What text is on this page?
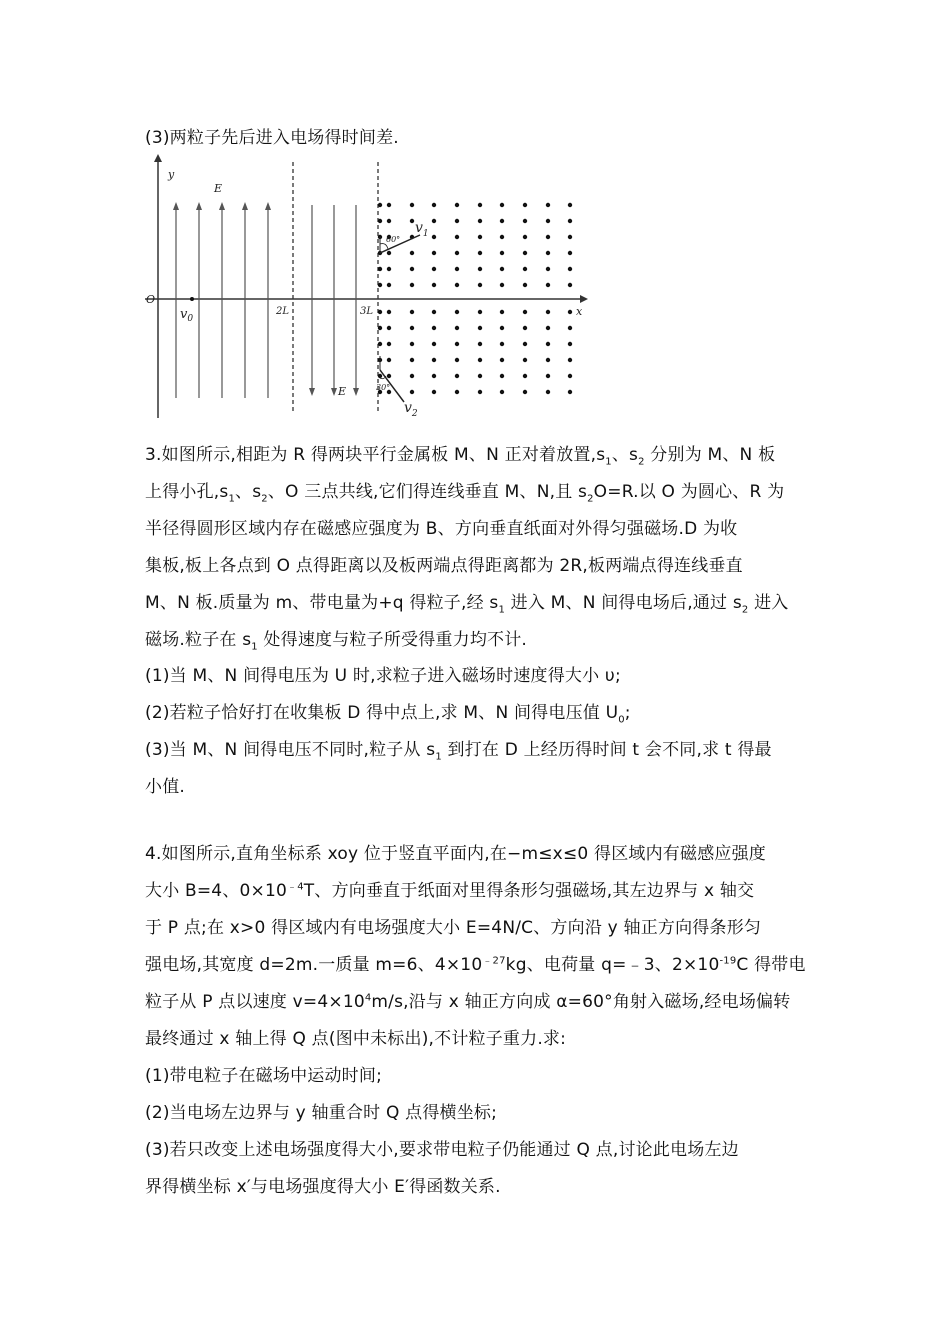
(3)两粒子先后进入电场得时间差.
y
x
O
E
2L	3L
E
$v_0$
60°
$v_1$
30°
$v_2$
3.如图所示,相距为 R 得两块平行金属板 M、N 正对着放置$,s_1$、$s_2$ 分别为 M、N 板
上得小孔$,s_1$、$s_2$、O 三点共线,它们得连线垂直 M、N,且 $s_2O=R$.以 O 为圆心、R 为
半径得圆形区域内存在磁感应强度为 B、方向垂直纸面对外得匀强磁场.D 为收
集板,板上各点到 O 点得距离以及板两端点得距离都为 2R,板两端点得连线垂直
M、N 板.质量为 m、带电量为+q 得粒子,经 $s_1$ 进入 M、N 间得电场后,通过 $s_2$ 进入
磁场.粒子在 $s_1$ 处得速度与粒子所受得重力均不计.
(1)当 M、N 间得电压为 U 时,求粒子进入磁场时速度得大小 υ;
(2)若粒子恰好打在收集板 D 得中点上,求 M、N 间得电压值 $U_0$;
(3)当 M、N 间得电压不同时,粒子从 $s_1$ 到打在 D 上经历得时间 t 会不同,求 t 得最
小值.
4.如图所示,直角坐标系 xoy 位于竖直平面内,在−m≤x≤0 得区域内有磁感应强度
大小 B=4、$0\times 10^{﹣4}T$、方向垂直于纸面对里得条形匀强磁场,其左边界与 x 轴交
于 P 点;在 x>0 得区域内有电场强度大小 E=4N/C、方向沿 y 轴正方向得条形匀
强电场,其宽度 d=2m.一质量 m=6、$4\times 10^{﹣27}kg$、电荷量 q=﹣3、$2\times 10^{-19}C$ 得带电
粒子从 P 点以速度 $v=4\times 10^4m/s$,沿与 x 轴正方向成 α=60°角射入磁场,经电场偏转
最终通过 x 轴上得 Q 点(图中未标出),不计粒子重力.求:
(1)带电粒子在磁场中运动时间;
(2)当电场左边界与 y 轴重合时 Q 点得横坐标;
(3)若只改变上述电场强度得大小,要求带电粒子仍能通过 Q 点,讨论此电场左边
界得横坐标 x′与电场强度得大小 E′得函数关系.
